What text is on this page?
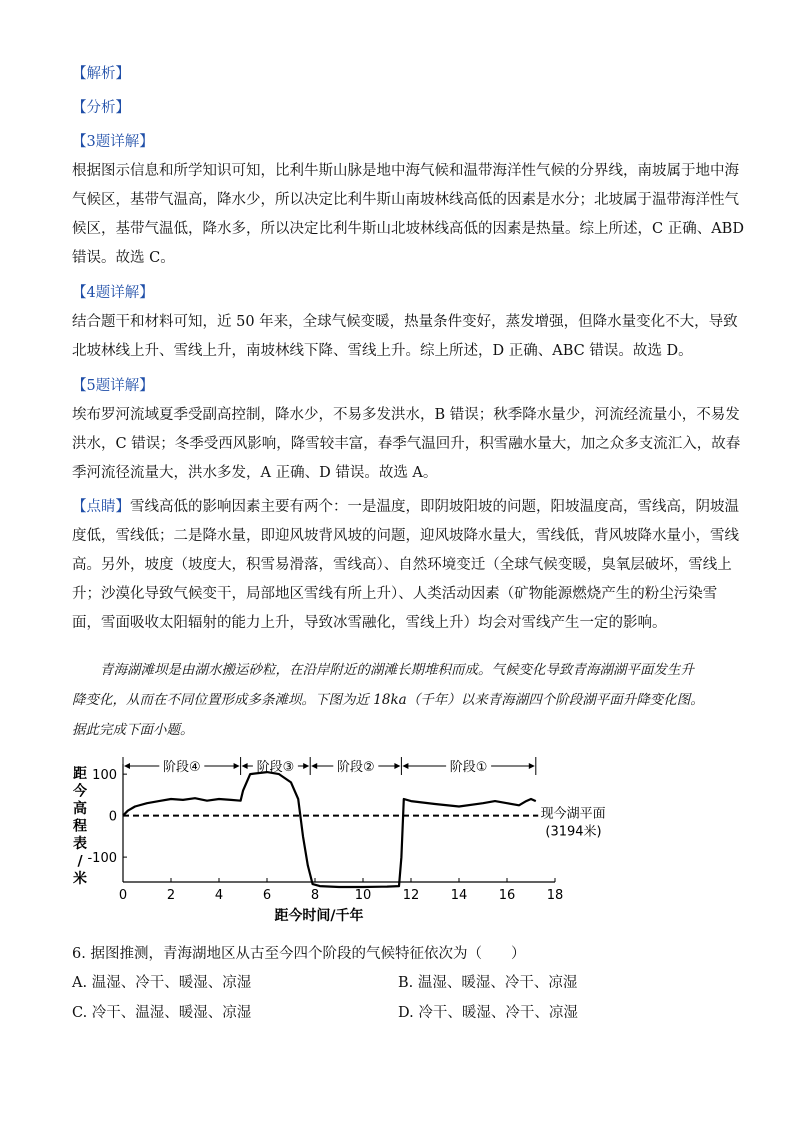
【解析】
【分析】
【3题详解】
根据图示信息和所学知识可知，比利牛斯山脉是地中海气候和温带海洋性气候的分界线，南坡属于地中海
气候区，基带气温高，降水少，所以决定比利牛斯山南坡林线高低的因素是水分；北坡属于温带海洋性气
候区，基带气温低，降水多，所以决定比利牛斯山北坡林线高低的因素是热量。综上所述，C 正确、ABD
错误。故选 C。
【4题详解】
结合题干和材料可知，近 50 年来，全球气候变暖，热量条件变好，蒸发增强，但降水量变化不大，导致
北坡林线上升、雪线上升，南坡林线下降、雪线上升。综上所述，D 正确、ABC 错误。故选 D。
【5题详解】
埃布罗河流域夏季受副高控制，降水少，不易多发洪水，B 错误；秋季降水量少，河流经流量小，不易发
洪水，C 错误；冬季受西风影响，降雪较丰富，春季气温回升，积雪融水量大，加之众多支流汇入，故春
季河流径流量大，洪水多发，A 正确、D 错误。故选 A。
【点睛】雪线高低的影响因素主要有两个：一是温度，即阴坡阳坡的问题，阳坡温度高，雪线高，阴坡温
度低，雪线低；二是降水量，即迎风坡背风坡的问题，迎风坡降水量大，雪线低，背风坡降水量小，雪线
高。另外，坡度（坡度大，积雪易滑落，雪线高）、自然环境变迁（全球气候变暖，臭氧层破坏，雪线上
升；沙漠化导致气候变干，局部地区雪线有所上升）、人类活动因素（矿物能源燃烧产生的粉尘污染雪
面，雪面吸收太阳辐射的能力上升，导致冰雪融化，雪线上升）均会对雪线产生一定的影响。
青海湖滩坝是由湖水搬运砂粒，在沿岸附近的湖滩长期堆积而成。气候变化导致青海湖湖平面发生升
降变化，从而在不同位置形成多条滩坝。下图为近 18ka（千年）以来青海湖四个阶段湖平面升降变化图。
据此完成下面小题。
距
今
高
程
表
/
米
0	2	4	6	8	10 12 14 16 18
100
0
-100
阶段④	阶段③	阶段②	阶段①
现今湖平面
(3194米)
距今时间/千年
6. 据图推测，青海湖地区从古至今四个阶段的气候特征依次为（　　）
A. 温湿、冷干、暖湿、凉湿	B. 温湿、暖湿、冷干、凉湿
C. 冷干、温湿、暖湿、凉湿	D. 冷干、暖湿、冷干、凉湿
